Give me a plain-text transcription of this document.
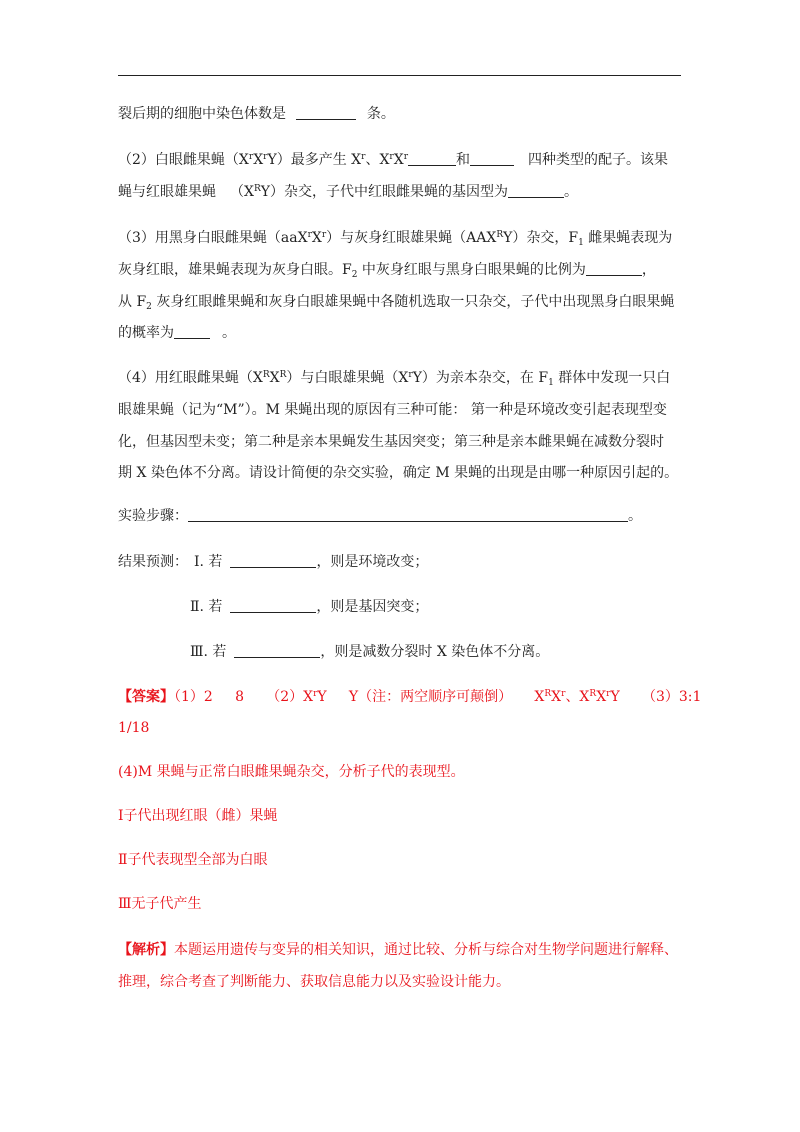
裂后期的细胞中染色体数是	条。
（2）白眼雌果蝇$(X^rX^rY)$最多产生 $X^r$、$X^rX^r$	和	四种类型的配子。该果
蝇与红眼雄果蝇 $(X^RY)$杂交，子代中红眼雌果蝇的基因型为	。
（3）用黑身白眼雌果蝇$(aaX^rX^r)$与灰身红眼雄果蝇$(AAX^RY)$杂交，$F_1$ 雌果蝇表现为
灰身红眼，雄果蝇表现为灰身白眼。$F_2$ 中灰身红眼与黑身白眼果蝇的比例为	，
从 $F_2$ 灰身红眼雌果蝇和灰身白眼雄果蝇中各随机选取一只杂交，子代中出现黑身白眼果蝇
的概率为	。
（4）用红眼雌果蝇$(X^RX^R)$与白眼雄果蝇$(X^rY)$为亲本杂交，在 $F_1$ 群体中发现一只白
眼雄果蝇（记为“M”）。M 果蝇出现的原因有三种可能： 第一种是环境改变引起表现型变
化，但基因型未变；第二种是亲本果蝇发生基因突变；第三种是亲本雌果蝇在减数分裂时
期 X 染色体不分离。请设计简便的杂交实验，确定 M 果蝇的出现是由哪一种原因引起的。
实验步骤：	。
结果预测： Ⅰ. 若	，则是环境改变；
Ⅱ. 若	，则是基因突变；
Ⅲ. 若	，则是减数分裂时 X 染色体不分离。
【答案】（1）2     8     $(2)X^rY$     Y（注：两空顺序可颠倒）     $X^RX^r$、$X^RX^rY$     （3）3:1
1/18
(4)M 果蝇与正常白眼雌果蝇杂交，分析子代的表现型。
Ⅰ子代出现红眼（雌）果蝇
Ⅱ子代表现型全部为白眼
Ⅲ无子代产生
【解析】本题运用遗传与变异的相关知识，通过比较、分析与综合对生物学问题进行解释、
推理，综合考查了判断能力、获取信息能力以及实验设计能力。
